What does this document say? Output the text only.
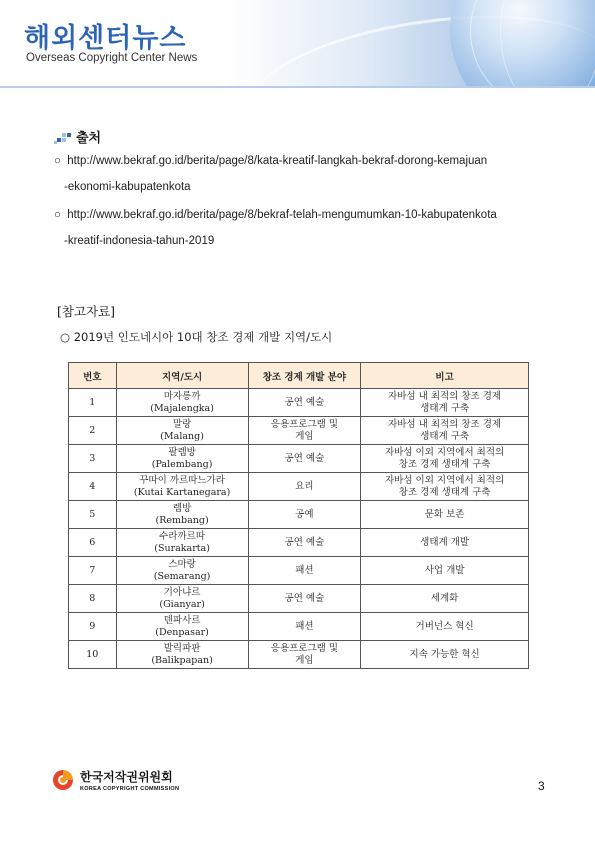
해외센터뉴스
Overseas Copyright Center News
출처
○ http://www.bekraf.go.id/berita/page/8/kata-kreatif-langkah-bekraf-dorong-kemajuan
-ekonomi-kabupatenkota
○ http://www.bekraf.go.id/berita/page/8/bekraf-telah-mengumumkan-10-kabupatenkota
-kreatif-indonesia-tahun-2019
[참고자료]
○ 2019년 인도네시아 10대 창조 경제 개발 지역/도시
번호	지역/도시	창조 경제 개발 분야	비고

1	마자릉까
(Majalengka)	공연 예술	자바섬 내 최적의 창조 경제
생태계 구축

2	말랑
(Malang)	응용프로그램 및
게임	자바섬 내 최적의 창조 경제
생태계 구축

3	팔렘방
(Palembang)	공연 예술	자바섬 이외 지역에서 최적의
창조 경제 생태계 구축

4	꾸따이 까르따느가라
(Kutai Kartanegara)	요리	자바섬 이외 지역에서 최적의
창조 경제 생태계 구축

5	렘방
(Rembang)	공예	문화 보존

6	수라까르따
(Surakarta)	공연 예술	생태계 개발

7	스마랑
(Semarang)	패션	사업 개발

8	기아냐르
(Gianyar)	공연 예술	세계화

9	덴파사르
(Denpasar)	패션	거버넌스 혁신

10	발릭파판
(Balikpapan)	응용프로그램 및
게임	지속 가능한 혁신
한국저작권위원회
KOREA COPYRIGHT COMMISSION	3
